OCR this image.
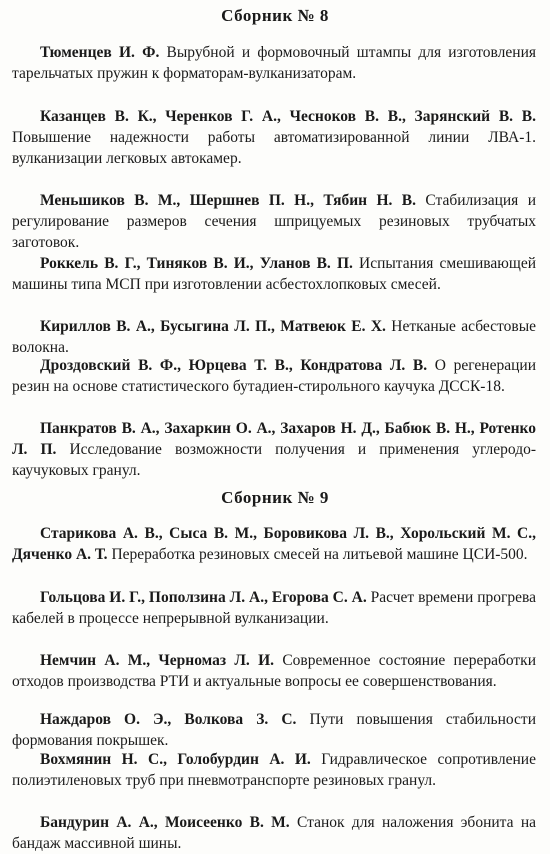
Сборник № 8

Тюменцев И. Ф. Вырубной и формовочный штампы для изготовления тарельчатых пружин к форматорам-вулканизаторам.

Казанцев В. К., Черенков Г. А., Чесноков В. В., Зарянский В. В. Повышение надежности работы автоматизированной линии ЛВА-1. вулканизации легковых автокамер.

Меньшиков В. М., Шершнев П. Н., Тябин Н. В. Стабилизация и регулирование размеров сечения шприцуемых резиновых трубчатых заготовок.

Роккель В. Г., Тиняков В. И., Уланов В. П. Испытания смешивающей машины типа МСП при изготовлении асбестохлопковых смесей.

Кириллов В. А., Бусыгина Л. П., Матвеюк Е. Х. Нетканые асбестовые волокна.

Дроздовский В. Ф., Юрцева Т. В., Кондратова Л. В. О регенерации резин на основе статистического бутадиен-стирольного каучука ДССК-18.

Панкратов В. А., Захаркин О. А., Захаров Н. Д., Бабюк В. Н., Ротенко Л. П. Исследование возможности получения и применения углеродо-каучуковых гранул.

Сборник № 9

Старикова А. В., Сыса В. М., Боровикова Л. В., Хорольский М. С., Дяченко А. Т. Переработка резиновых смесей на литьевой машине ЦСИ-500.

Гольцова И. Г., Поползина Л. А., Егорова С. А. Расчет времени прогрева кабелей в процессе непрерывной вулканизации.

Немчин А. М., Черномаз Л. И. Современное состояние переработки отходов производства РТИ и актуальные вопросы ее совершенствования.

Наждаров О. Э., Волкова З. С. Пути повышения стабильности формования покрышек.

Вохмянин Н. С., Голобурдин А. И. Гидравлическое сопротивление полиэтиленовых труб при пневмотранспорте резиновых гранул.

Бандурин А. А., Моисеенко В. М. Станок для наложения эбонита на бандаж массивной шины.
